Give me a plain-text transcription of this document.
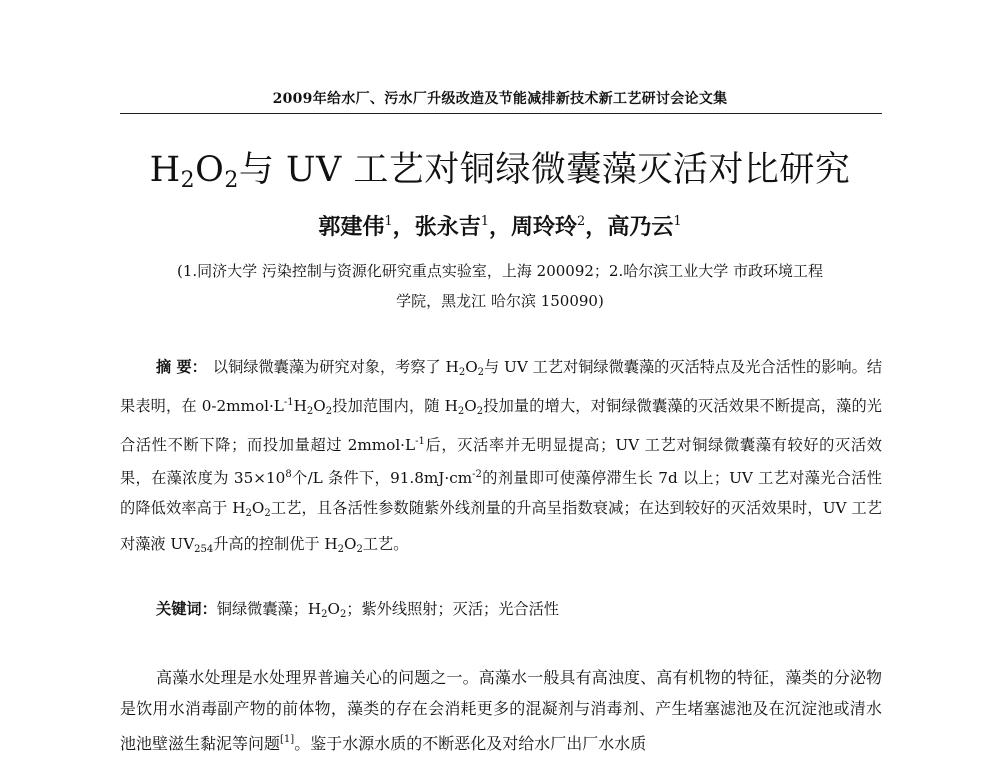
2009年给水厂、污水厂升级改造及节能减排新技术新工艺研讨会论文集
$H_2O_2$与 UV 工艺对铜绿微囊藻灭活对比研究
郭建伟$^1$，张永吉$^1$，周玲玲$^2$，高乃云$^1$
(1.同济大学 污染控制与资源化研究重点实验室，上海 200092；2.哈尔滨工业大学 市政环境工程
学院，黑龙江 哈尔滨 150090)
摘 要： 以铜绿微囊藻为研究对象，考察了 $H_2O_2$与 UV 工艺对铜绿微囊藻的灭活特点及光合活性的影响。结果表明，在 $0-2mmol\cdot L^{-1}H_2O_2$投加范围内，随 $H_2O_2$投加量的增大，对铜绿微囊藻的灭活效果不断提高，藻的光合活性不断下降；而投加量超过 $2mmol\cdot L^{-1}$后，灭活率并无明显提高；UV 工艺对铜绿微囊藻有较好的灭活效果，在藻浓度为 $35\times 10^8$个/L 条件下，$91.8mJ\cdot cm^{-2}$的剂量即可使藻停滞生长 7d 以上；UV 工艺对藻光合活性的降低效率高于 $H_2O_2$工艺，且各活性参数随紫外线剂量的升高呈指数衰减；在达到较好的灭活效果时，UV 工艺对藻液 $UV_{254}$升高的控制优于 $H_2O_2$工艺。
关键词：铜绿微囊藻；$H_2O_2$；紫外线照射；灭活；光合活性
高藻水处理是水处理界普遍关心的问题之一。高藻水一般具有高浊度、高有机物的特征，藻类的分泌物是饮用水消毒副产物的前体物，藻类的存在会消耗更多的混凝剂与消毒剂、产生堵塞滤池及在沉淀池或清水池池壁滋生黏泥等问题[1]。鉴于水源水质的不断恶化及对给水厂出厂水水质
